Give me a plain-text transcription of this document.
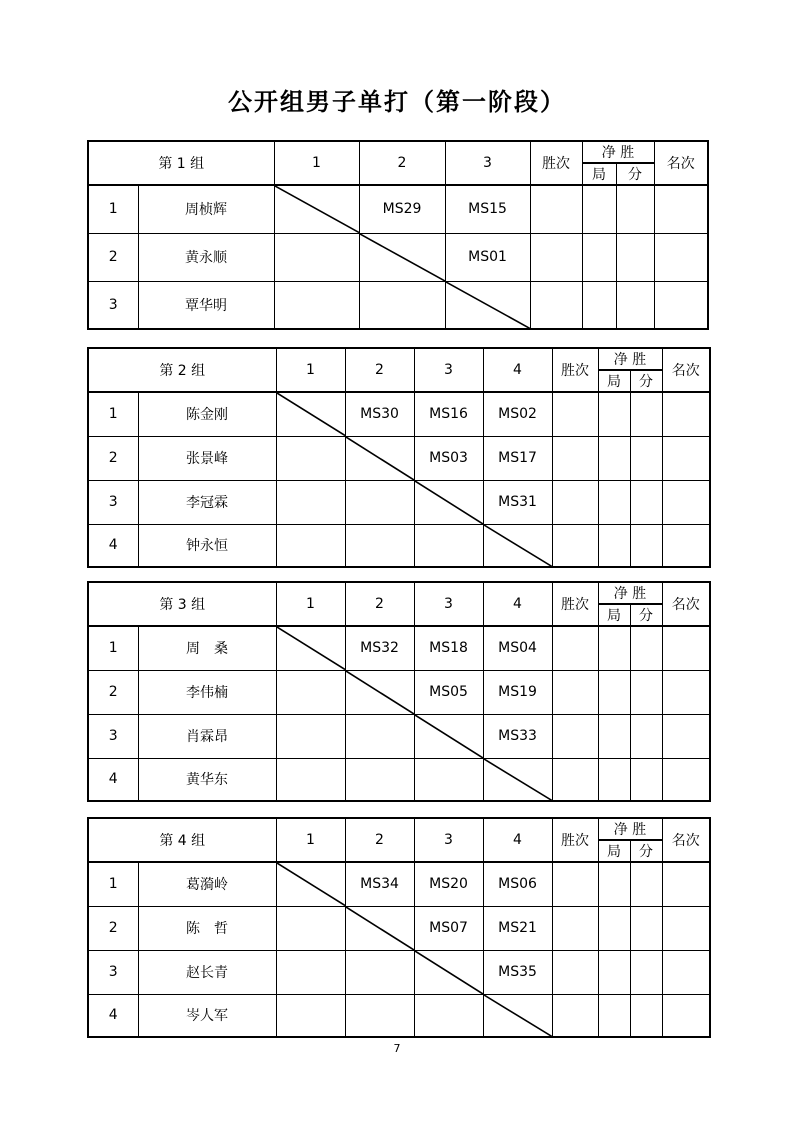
公开组男子单打（第一阶段）
第 1 组		1	2	3	胜次	净 胜		名次
						局	分	
1	周桢辉		MS29	MS15				
2	黄永顺			MS01				
3	覃华明			

第 2 组		1	2	3	4	胜次	净 胜		名次
							局	分	
1	陈金刚		MS30	MS16	MS02				
2	张景峰			MS03	MS17				
3	李冠霖				MS31				
4	钟永恒				

第 3 组		1	2	3	4	胜次	净 胜		名次
							局	分	
1	周　桑		MS32	MS18	MS04				
2	李伟楠			MS05	MS19				
3	肖霖昂				MS33				
4	黄华东				

第 4 组		1	2	3	4	胜次	净 胜		名次
							局	分	
1	葛漪岭		MS34	MS20	MS06				
2	陈　哲			MS07	MS21				
3	赵长青				MS35				
4	岑人军				

7
